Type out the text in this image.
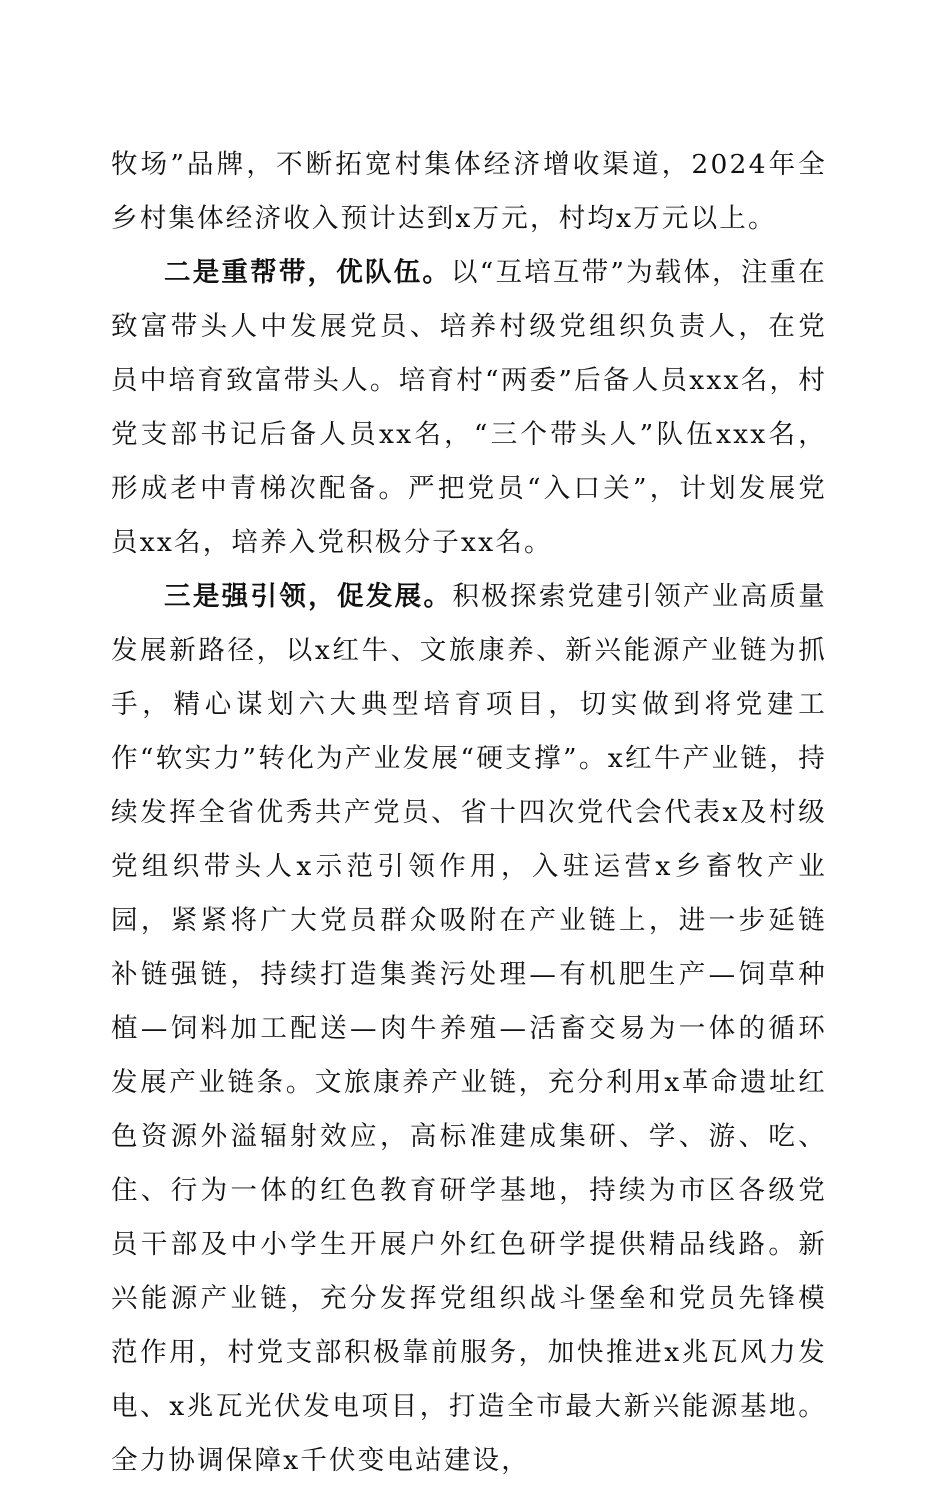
牧场”品牌，不断拓宽村集体经济增收渠道，2024年全乡村集体经济收入预计达到x万元，村均x万元以上。

二是重帮带，优队伍。以“互培互带”为载体，注重在致富带头人中发展党员、培养村级党组织负责人，在党员中培育致富带头人。培育村“两委”后备人员xxx名，村党支部书记后备人员xx名，“三个带头人”队伍xxx名，形成老中青梯次配备。严把党员“入口关”，计划发展党员xx名，培养入党积极分子xx名。

三是强引领，促发展。积极探索党建引领产业高质量发展新路径，以x红牛、文旅康养、新兴能源产业链为抓手，精心谋划六大典型培育项目，切实做到将党建工作“软实力”转化为产业发展“硬支撑”。x红牛产业链，持续发挥全省优秀共产党员、省十四次党代会代表x及村级党组织带头人x示范引领作用，入驻运营x乡畜牧产业园，紧紧将广大党员群众吸附在产业链上，进一步延链补链强链，持续打造集粪污处理—有机肥生产—饲草种植—饲料加工配送—肉牛养殖—活畜交易为一体的循环发展产业链条。文旅康养产业链，充分利用x革命遗址红色资源外溢辐射效应，高标准建成集研、学、游、吃、住、行为一体的红色教育研学基地，持续为市区各级党员干部及中小学生开展户外红色研学提供精品线路。新兴能源产业链，充分发挥党组织战斗堡垒和党员先锋模范作用，村党支部积极靠前服务，加快推进x兆瓦风力发电、x兆瓦光伏发电项目，打造全市最大新兴能源基地。全力协调保障x千伏变电站建设，
